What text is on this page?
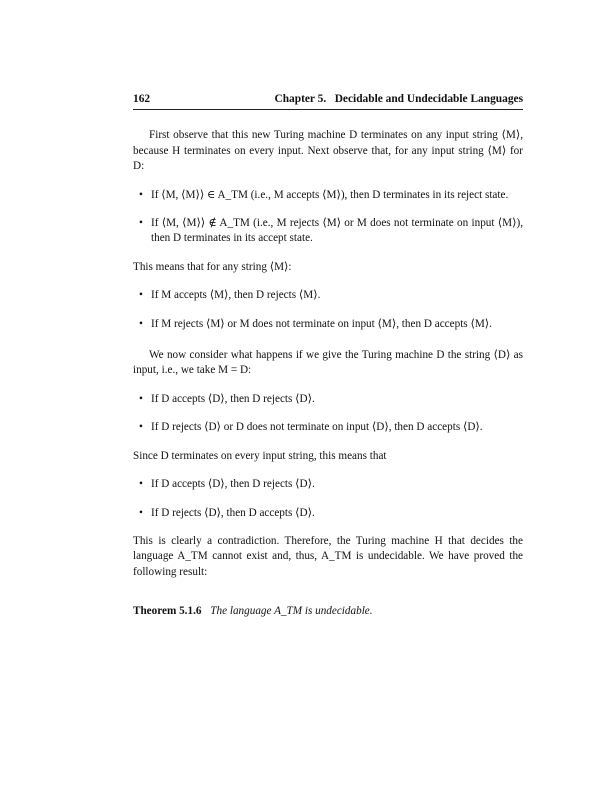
162	Chapter 5.   Decidable and Undecidable Languages
First observe that this new Turing machine D terminates on any input string ⟨M⟩, because H terminates on every input. Next observe that, for any input string ⟨M⟩ for D:
• If ⟨M, ⟨M⟩⟩ ∈ A_TM (i.e., M accepts ⟨M⟩), then D terminates in its reject state.
• If ⟨M, ⟨M⟩⟩ ∉ A_TM (i.e., M rejects ⟨M⟩ or M does not terminate on input ⟨M⟩), then D terminates in its accept state.
This means that for any string ⟨M⟩:
• If M accepts ⟨M⟩, then D rejects ⟨M⟩.
• If M rejects ⟨M⟩ or M does not terminate on input ⟨M⟩, then D accepts ⟨M⟩.
We now consider what happens if we give the Turing machine D the string ⟨D⟩ as input, i.e., we take M = D:
• If D accepts ⟨D⟩, then D rejects ⟨D⟩.
• If D rejects ⟨D⟩ or D does not terminate on input ⟨D⟩, then D accepts ⟨D⟩.
Since D terminates on every input string, this means that
• If D accepts ⟨D⟩, then D rejects ⟨D⟩.
• If D rejects ⟨D⟩, then D accepts ⟨D⟩.
This is clearly a contradiction. Therefore, the Turing machine H that decides the language A_TM cannot exist and, thus, A_TM is undecidable. We have proved the following result:
Theorem 5.1.6 The language A_TM is undecidable.
